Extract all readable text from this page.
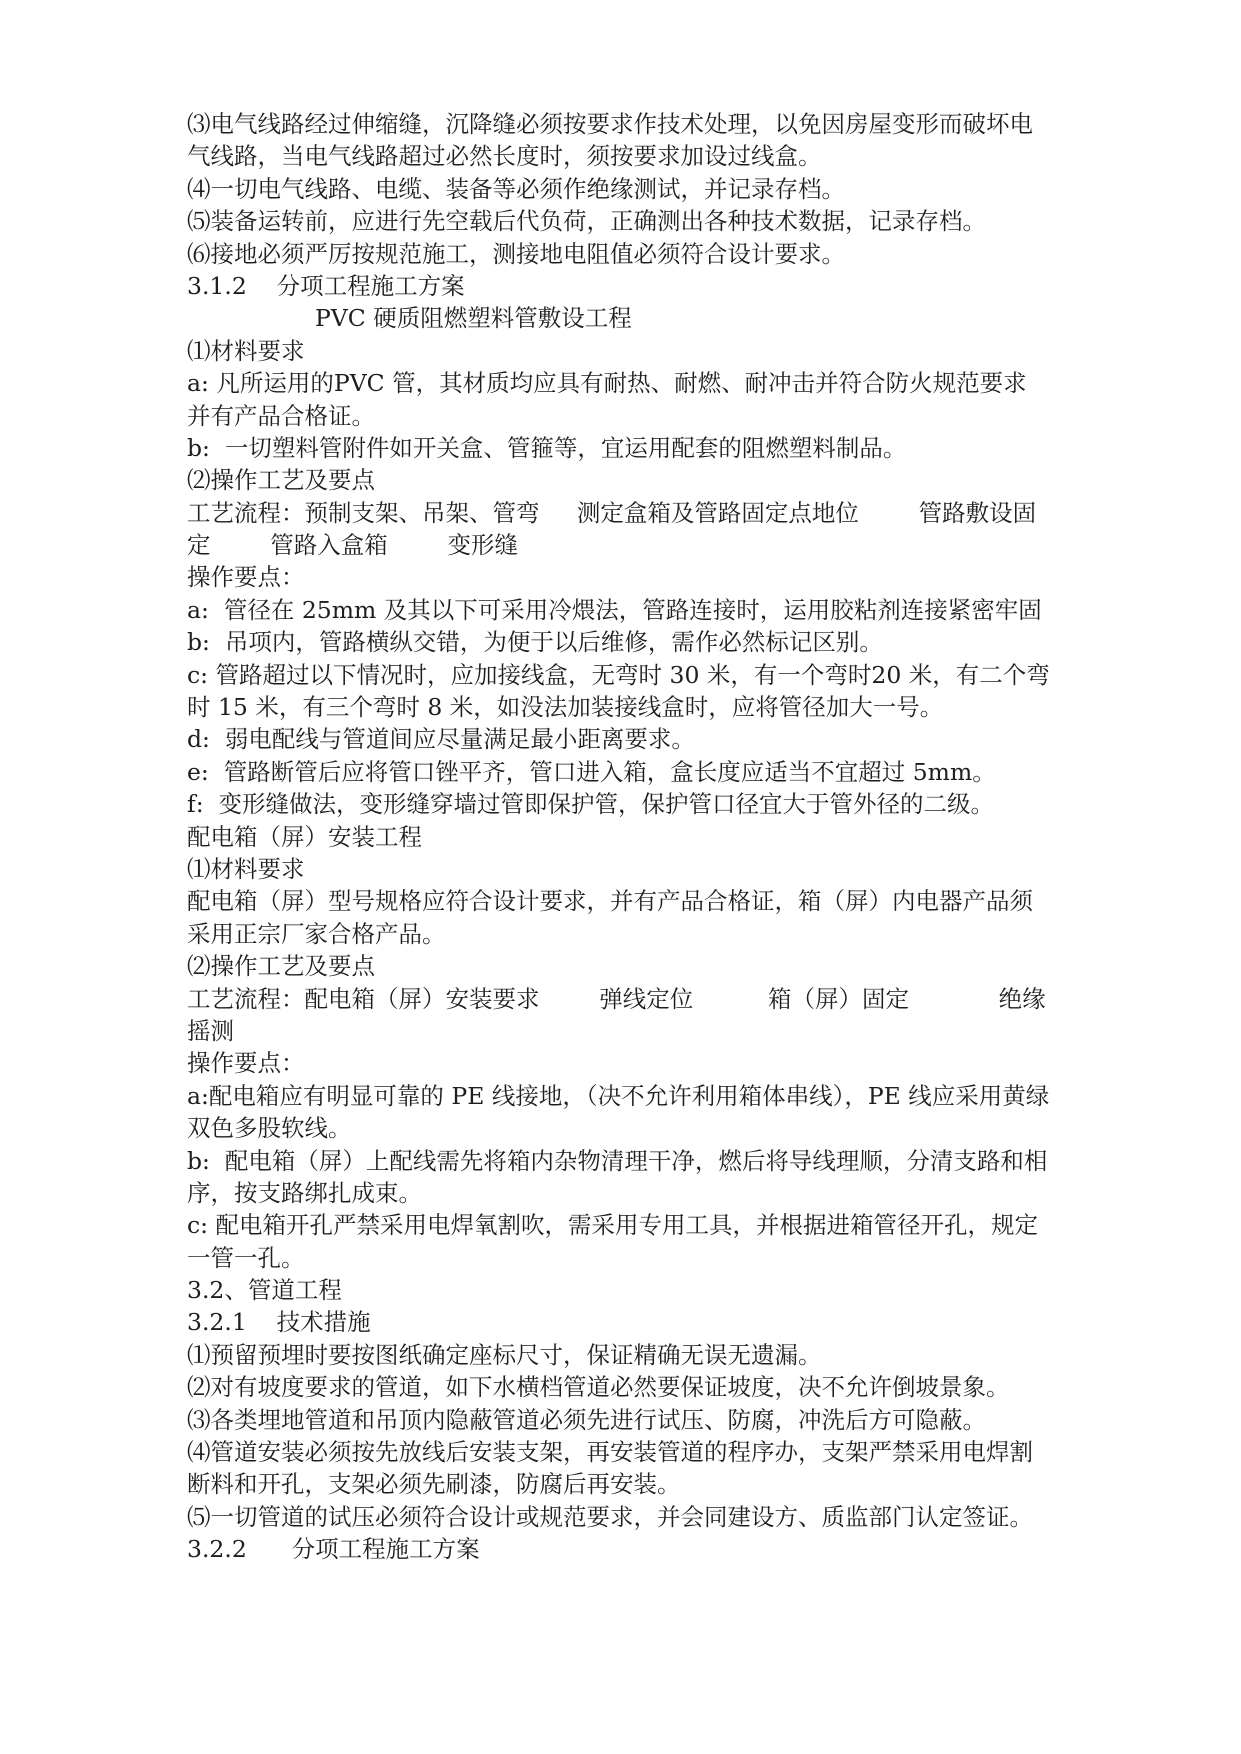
⑶电气线路经过伸缩缝，沉降缝必须按要求作技术处理，以免因房屋变形而破坏电
气线路，当电气线路超过必然长度时，须按要求加设过线盒。
⑷一切电气线路、电缆、装备等必须作绝缘测试，并记录存档。
⑸装备运转前，应进行先空载后代负荷，正确测出各种技术数据，记录存档。
⑹接地必须严厉按规范施工，测接地电阻值必须符合设计要求。
3.1.2    分项工程施工方案
PVC 硬质阻燃塑料管敷设工程
⑴材料要求
a: 凡所运用的PVC 管，其材质均应具有耐热、耐燃、耐冲击并符合防火规范要求
并有产品合格证。
b:  一切塑料管附件如开关盒、管箍等，宜运用配套的阻燃塑料制品。
⑵操作工艺及要点
工艺流程：预制支架、吊架、管弯     测定盒箱及管路固定点地位        管路敷设固
定        管路入盒箱        变形缝
操作要点：
a:  管径在 25mm 及其以下可采用冷煨法，管路连接时，运用胶粘剂连接紧密牢固
b:  吊项内，管路横纵交错，为便于以后维修，需作必然标记区别。
c: 管路超过以下情况时，应加接线盒，无弯时 30 米，有一个弯时20 米，有二个弯
时 15 米，有三个弯时 8 米，如没法加装接线盒时，应将管径加大一号。
d:  弱电配线与管道间应尽量满足最小距离要求。
e:  管路断管后应将管口锉平齐，管口进入箱，盒长度应适当不宜超过 5mm。
f:  变形缝做法，变形缝穿墙过管即保护管，保护管口径宜大于管外径的二级。
配电箱（屏）安装工程
⑴材料要求
配电箱（屏）型号规格应符合设计要求，并有产品合格证，箱（屏）内电器产品须
采用正宗厂家合格产品。
⑵操作工艺及要点
工艺流程：配电箱（屏）安装要求        弹线定位          箱（屏）固定            绝缘
摇测
操作要点：
a:配电箱应有明显可靠的 PE 线接地，（决不允许利用箱体串线），PE 线应采用黄绿
双色多股软线。
b:  配电箱（屏）上配线需先将箱内杂物清理干净，燃后将导线理顺，分清支路和相
序，按支路绑扎成束。
c: 配电箱开孔严禁采用电焊氧割吹，需采用专用工具，并根据进箱管径开孔，规定
一管一孔。
3.2、管道工程
3.2.1    技术措施
⑴预留预埋时要按图纸确定座标尺寸，保证精确无误无遗漏。
⑵对有坡度要求的管道，如下水横档管道必然要保证坡度，决不允许倒坡景象。
⑶各类埋地管道和吊顶内隐蔽管道必须先进行试压、防腐，冲洗后方可隐蔽。
⑷管道安装必须按先放线后安装支架，再安装管道的程序办，支架严禁采用电焊割
断料和开孔，支架必须先刷漆，防腐后再安装。
⑸一切管道的试压必须符合设计或规范要求，并会同建设方、质监部门认定签证。
3.2.2      分项工程施工方案
